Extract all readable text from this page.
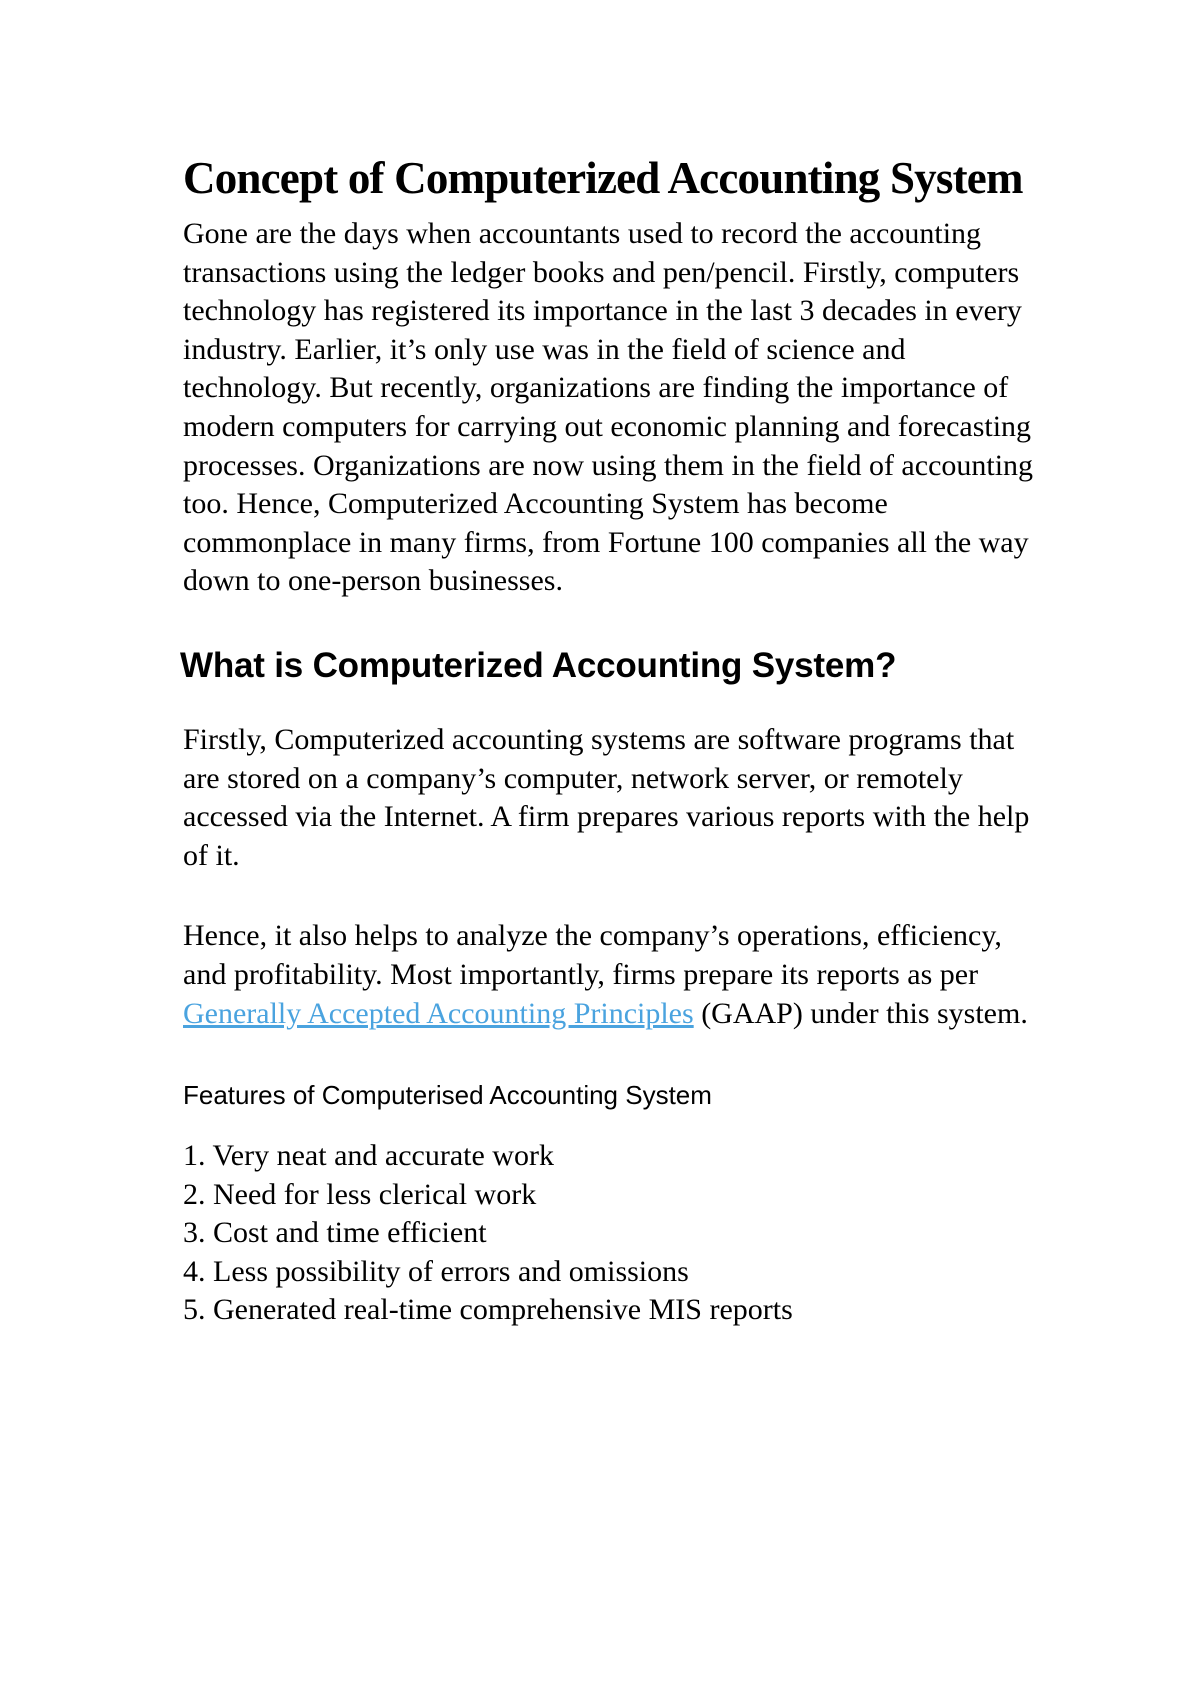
Concept of Computerized Accounting System

Gone are the days when accountants used to record the accounting transactions using the ledger books and pen/pencil. Firstly, computers technology has registered its importance in the last 3 decades in every industry. Earlier, it’s only use was in the field of science and technology. But recently, organizations are finding the importance of modern computers for carrying out economic planning and forecasting processes. Organizations are now using them in the field of accounting too. Hence, Computerized Accounting System has become commonplace in many firms, from Fortune 100 companies all the way down to one-person businesses.

What is Computerized Accounting System?

Firstly, Computerized accounting systems are software programs that are stored on a company’s computer, network server, or remotely accessed via the Internet. A firm prepares various reports with the help of it.

Hence, it also helps to analyze the company’s operations, efficiency, and profitability. Most importantly, firms prepare its reports as per Generally Accepted Accounting Principles (GAAP) under this system.

Features of Computerised Accounting System
1. Very neat and accurate work
2. Need for less clerical work
3. Cost and time efficient
4. Less possibility of errors and omissions
5. Generated real-time comprehensive MIS reports
